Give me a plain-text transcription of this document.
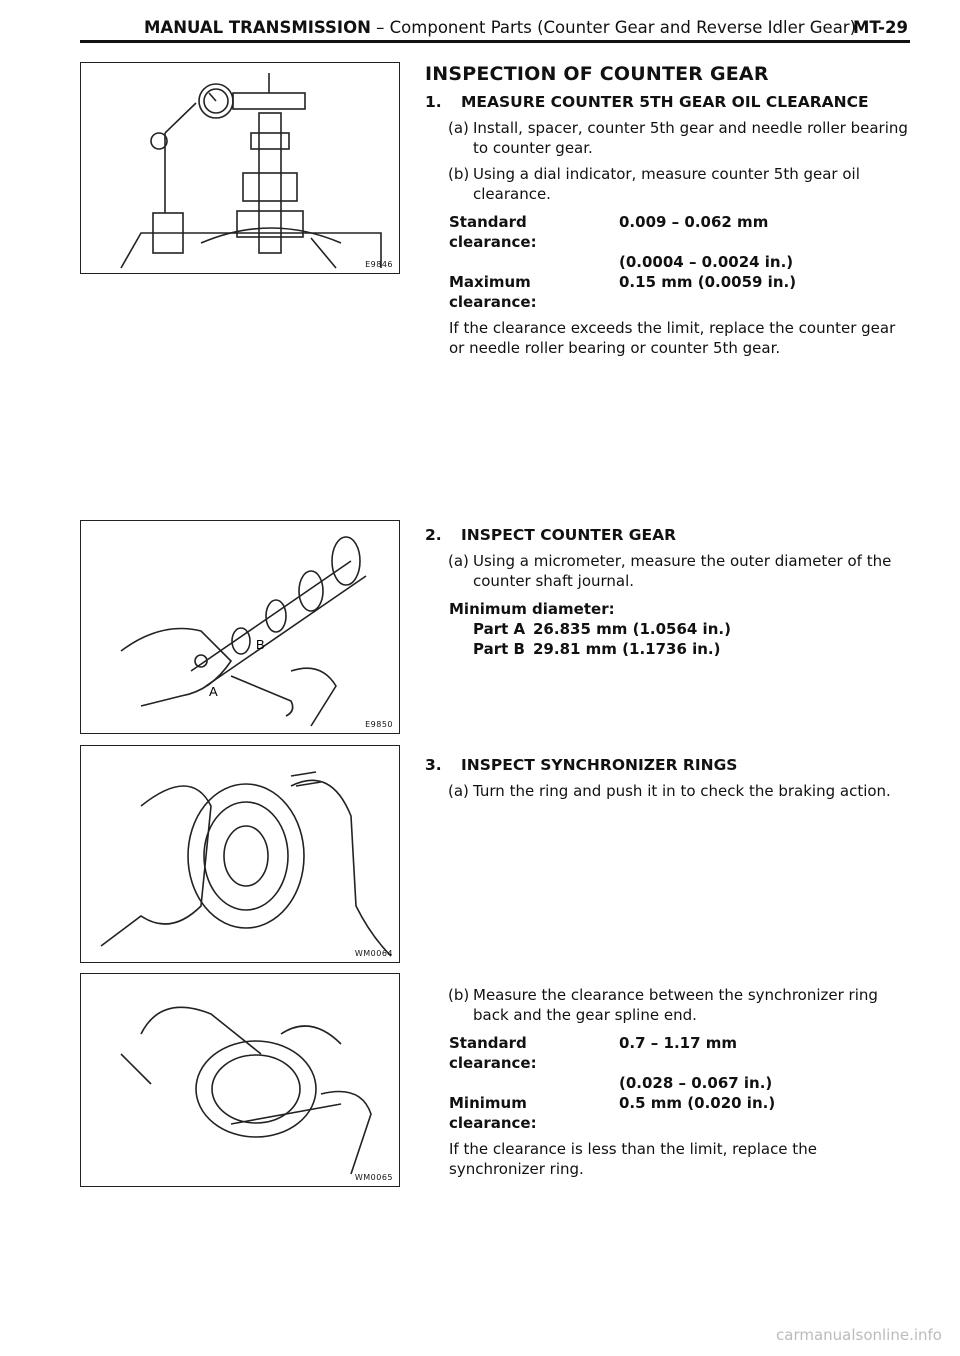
MANUAL TRANSMISSION – Component Parts (Counter Gear and Reverse Idler Gear)
MT-29
E9846
B
A
E9850
WM0064
WM0065
INSPECTION OF COUNTER GEAR
1. MEASURE COUNTER 5TH GEAR OIL CLEARANCE
(a) Install, spacer, counter 5th gear and needle roller bearing to counter gear.
(b) Using a dial indicator, measure counter 5th gear oil clearance.
Standard clearance:	0.009 – 0.062 mm
	(0.0004 – 0.0024 in.)
Maximum clearance:	0.15 mm (0.0059 in.)
If the clearance exceeds the limit, replace the counter gear or needle roller bearing or counter 5th gear.
2. INSPECT COUNTER GEAR
(a) Using a micrometer, measure the outer diameter of the counter shaft journal.
Minimum diameter:
Part A	26.835 mm (1.0564 in.)
Part B	29.81 mm (1.1736 in.)
3. INSPECT SYNCHRONIZER RINGS
(a) Turn the ring and push it in to check the braking action.
(b) Measure the clearance between the synchronizer ring back and the gear spline end.
Standard clearance:	0.7 – 1.17 mm
	(0.028 – 0.067 in.)
Minimum clearance:	0.5 mm (0.020 in.)
If the clearance is less than the limit, replace the synchronizer ring.
carmanualsonline.info
